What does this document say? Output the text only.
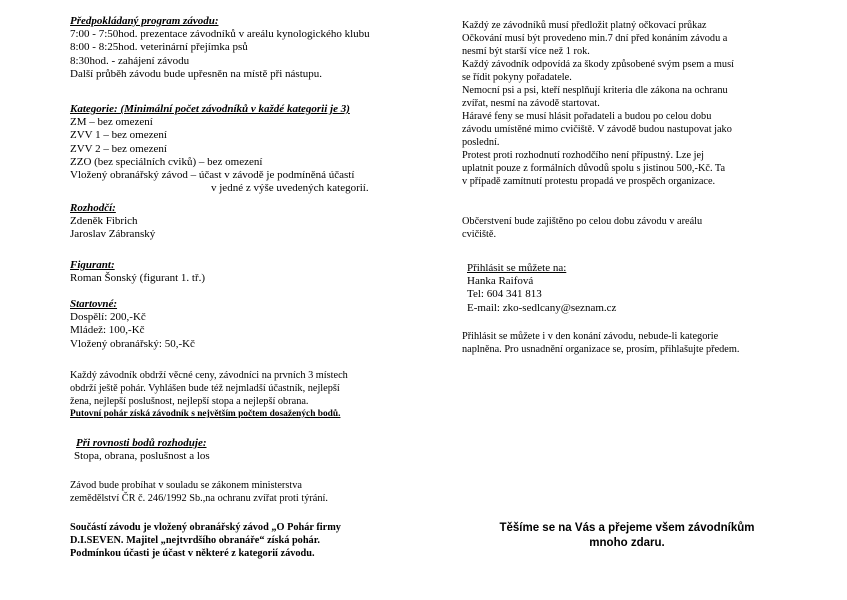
Předpokládaný program závodu:
7:00 - 7:50hod. prezentace závodníků v areálu kynologického klubu
8:00 - 8:25hod. veterinární přejímka psů
8:30hod. - zahájení závodu
Další průběh závodu bude upřesněn na místě při nástupu.
Kategorie: (Minimální počet závodníků v každé kategorii je 3)
ZM – bez omezení
ZVV 1 – bez omezení
ZVV 2 – bez omezení
ZZO (bez speciálních cviků) – bez omezení
Vložený obranářský závod – účast v závodě je podmíněná účastí
v jedné z výše uvedených kategorií.
Rozhodčí:
Zdeněk Fibrich
Jaroslav Zábranský
Figurant:
Roman Šonský (figurant 1. tř.)
Startovné:
Dospělí: 200,-Kč
Mládež: 100,-Kč
Vložený obranářský: 50,-Kč
Každý závodník obdrží věcné ceny, závodníci na prvních 3 místech
obdrží ještě pohár. Vyhlášen bude též nejmladší účastník, nejlepší
žena, nejlepší poslušnost, nejlepší stopa a nejlepší obrana.
Putovní pohár získá závodník s největším počtem dosažených bodů.
Při rovnosti bodů rozhoduje:
Stopa, obrana, poslušnost a los
Závod bude probíhat v souladu se zákonem ministerstva
zemědělství ČR č. 246/1992 Sb.,na ochranu zvířat proti týrání.
Součástí závodu je vložený obranářský závod „O Pohár firmy
D.I.SEVEN. Majitel „nejtvrdšího obranáře“ získá pohár.
Podmínkou účasti je účast v některé z kategorií závodu.
Každý ze závodníků musí předložit platný očkovací průkaz
Očkování musí být provedeno min.7 dní před konáním závodu a
nesmí být starší více než 1 rok.
Každý závodník odpovídá za škody způsobené svým psem a musí
se řídit pokyny pořadatele.
Nemocní psi a psi, kteří nesplňují kriteria dle zákona na ochranu
zvířat, nesmí na závodě startovat.
Háravé feny se musí hlásit pořadateli a budou po celou dobu
závodu umístěné mimo cvičiště. V závodě budou nastupovat jako
poslední.
Protest proti rozhodnutí rozhodčího není přípustný. Lze jej
uplatnit pouze z formálních důvodů spolu s jistinou 500,-Kč. Ta
v případě zamítnutí protestu propadá ve prospěch organizace.
Občerstvení bude zajištěno po celou dobu závodu v areálu
cvičiště.
Přihlásit se můžete na:
Hanka Raifová
Tel: 604 341 813
E-mail: zko-sedlcany@seznam.cz
Přihlásit se můžete i v den konání závodu, nebude-li kategorie
naplněna. Pro usnadnění organizace se, prosím, přihlašujte předem.
Těšíme se na Vás a přejeme všem závodníkům
mnoho zdaru.
